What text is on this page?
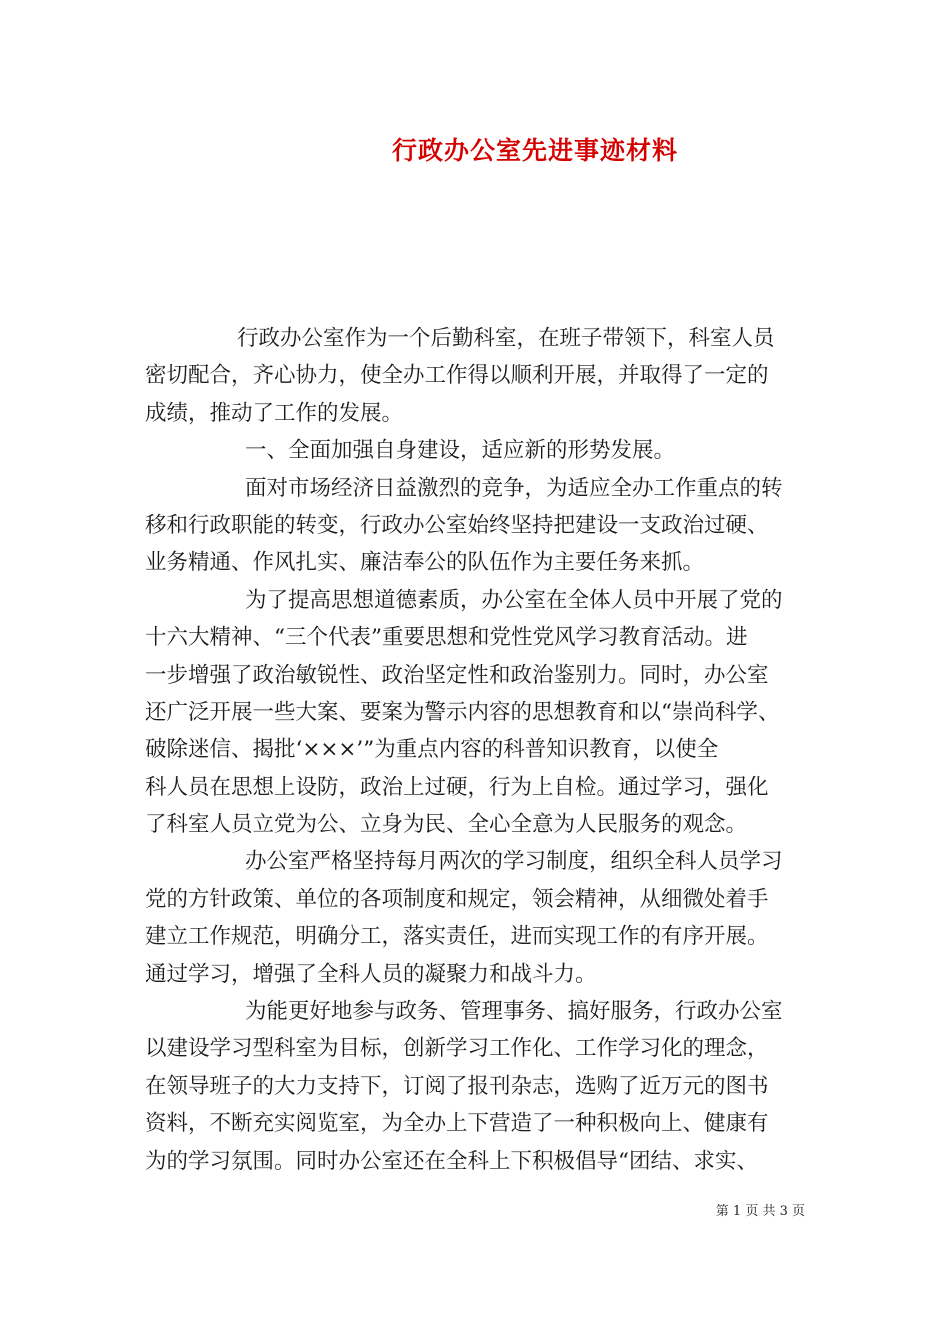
行政办公室先进事迹材料
行政办公室作为一个后勤科室，在班子带领下，科室人员
密切配合，齐心协力，使全办工作得以顺利开展，并取得了一定的
成绩，推动了工作的发展。
一、全面加强自身建设，适应新的形势发展。
面对市场经济日益激烈的竞争，为适应全办工作重点的转
移和行政职能的转变，行政办公室始终坚持把建设一支政治过硬、
业务精通、作风扎实、廉洁奉公的队伍作为主要任务来抓。
为了提高思想道德素质，办公室在全体人员中开展了党的
十六大精神、“三个代表”重要思想和党性党风学习教育活动。进
一步增强了政治敏锐性、政治坚定性和政治鉴别力。同时，办公室
还广泛开展一些大案、要案为警示内容的思想教育和以“崇尚科学、
破除迷信、揭批‘×××’”为重点内容的科普知识教育，以使全
科人员在思想上设防，政治上过硬，行为上自检。通过学习，强化
了科室人员立党为公、立身为民、全心全意为人民服务的观念。
办公室严格坚持每月两次的学习制度，组织全科人员学习
党的方针政策、单位的各项制度和规定，领会精神，从细微处着手
建立工作规范，明确分工，落实责任，进而实现工作的有序开展。
通过学习，增强了全科人员的凝聚力和战斗力。
为能更好地参与政务、管理事务、搞好服务，行政办公室
以建设学习型科室为目标，创新学习工作化、工作学习化的理念，
在领导班子的大力支持下，订阅了报刊杂志，选购了近万元的图书
资料，不断充实阅览室，为全办上下营造了一种积极向上、健康有
为的学习氛围。同时办公室还在全科上下积极倡导“团结、求实、
第 1 页 共 3 页
